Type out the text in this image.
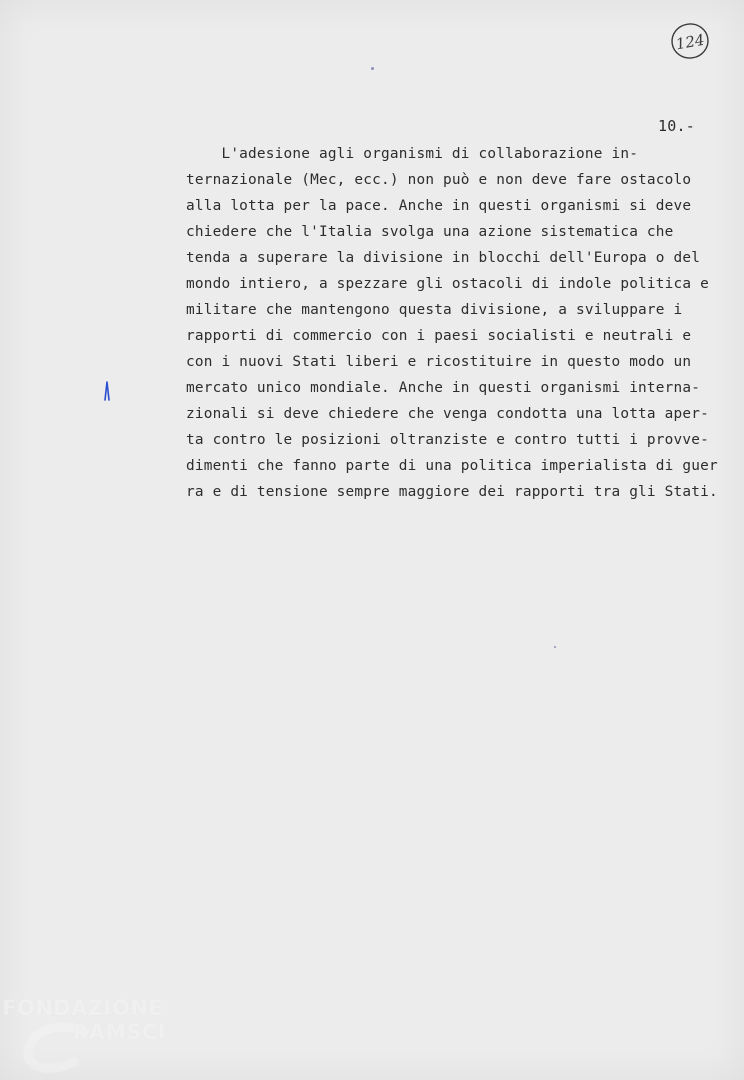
124
10.-
L'adesione agli organismi di collaborazione in-
ternazionale (Mec, ecc.) non può e non deve fare ostacolo
alla lotta per la pace. Anche in questi organismi si deve
chiedere che l'Italia svolga una azione sistematica che
tenda a superare la divisione in blocchi dell'Europa o del
mondo intiero, a spezzare gli ostacoli di indole politica e
militare che mantengono questa divisione, a sviluppare i
rapporti di commercio con i paesi socialisti e neutrali e
con i nuovi Stati liberi e ricostituire in questo modo un
mercato unico mondiale. Anche in questi organismi interna-
zionali si deve chiedere che venga condotta una lotta aper-
ta contro le posizioni oltranziste e contro tutti i provve-
dimenti che fanno parte di una politica imperialista di guer
ra e di tensione sempre maggiore dei rapporti tra gli Stati.
FONDAZIONE
RAMSCI
